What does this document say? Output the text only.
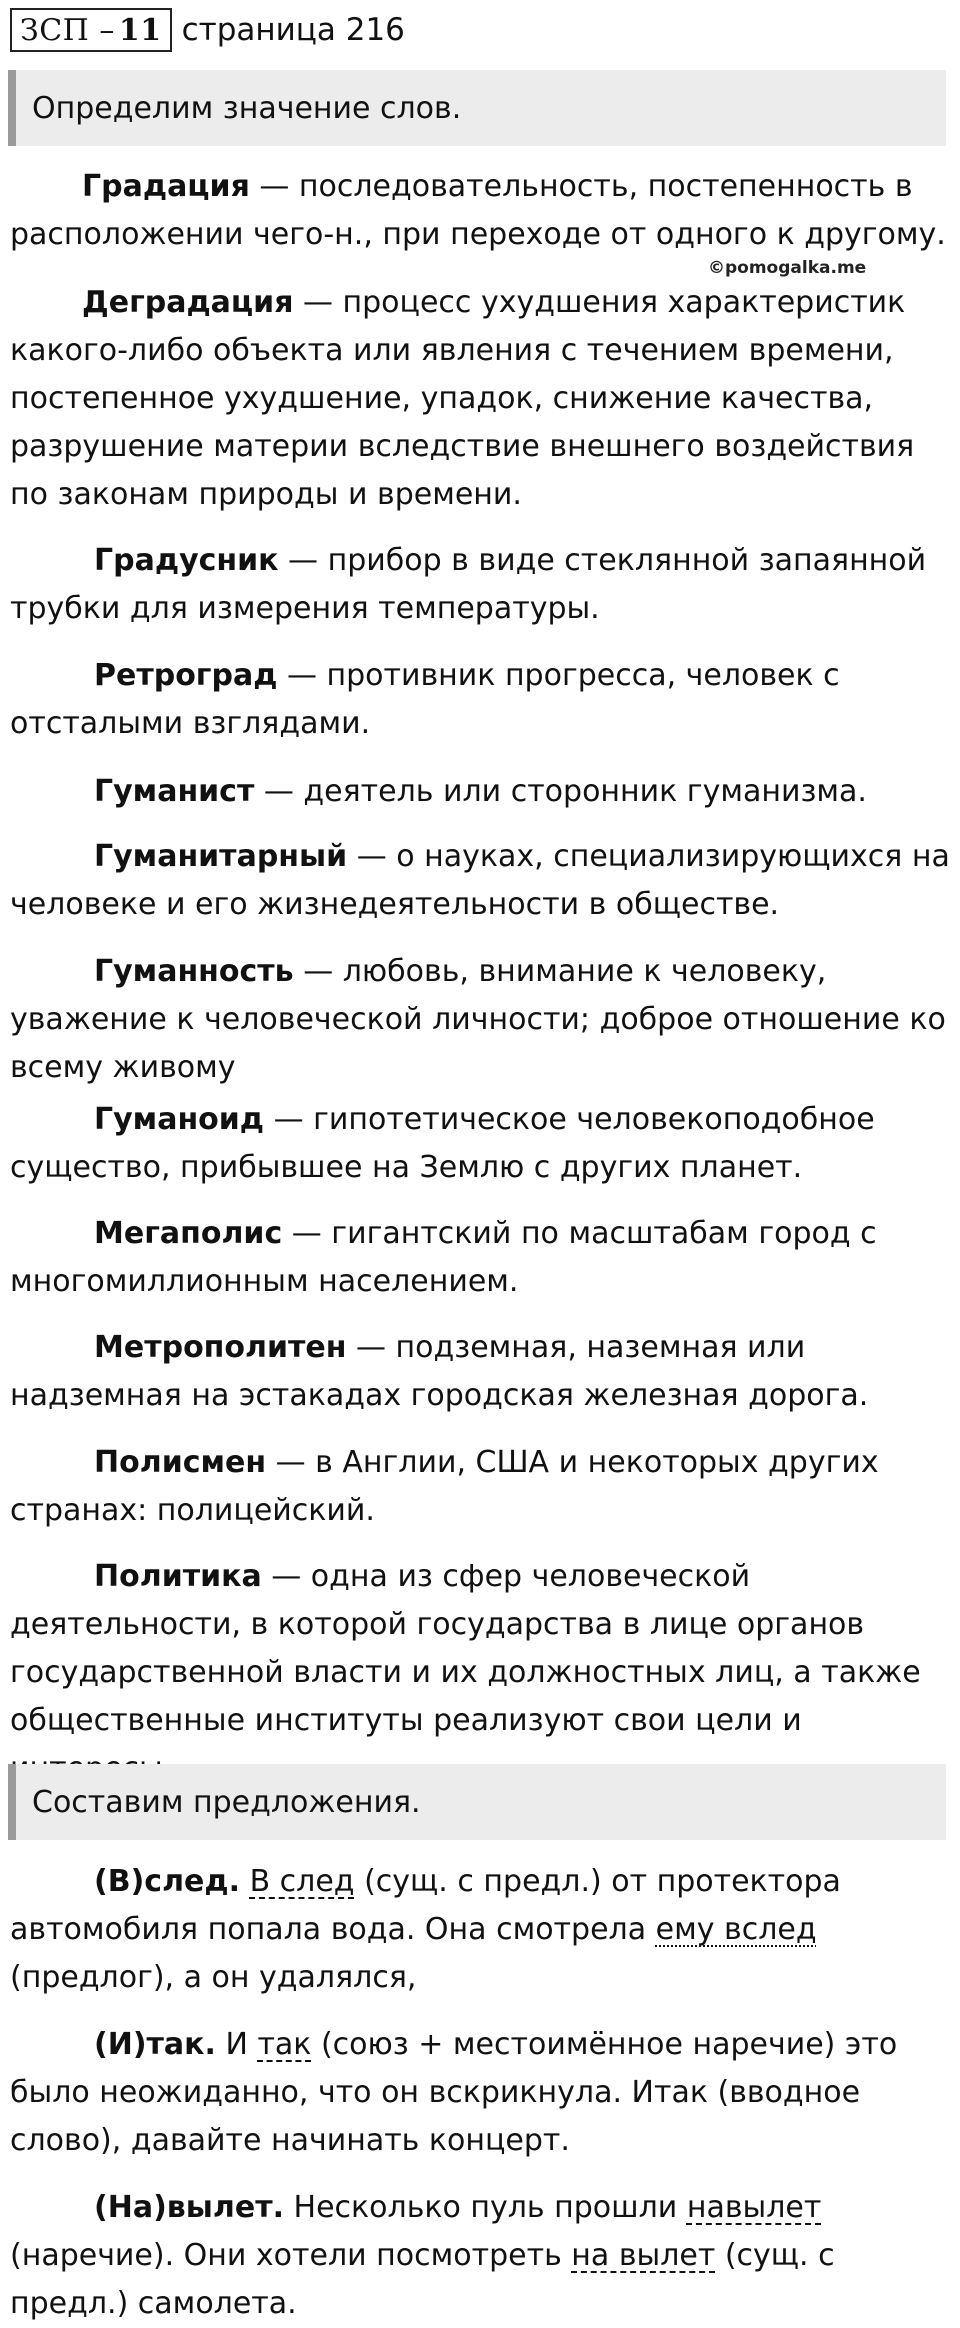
ЗСП – 11 страница 216
Определим значение слов.
©pomogalka.me
Градация — последовательность, постепенность в расположении чего-н., при переходе от одного к другому.
Деградация — процесс ухудшения характеристик какого-либо объекта или явления с течением времени, постепенное ухудшение, упадок, снижение качества, разрушение материи вследствие внешнего воздействия по законам природы и времени.
Градусник — прибор в виде стеклянной запаянной трубки для измерения температуры.
Ретроград — противник прогресса, человек с отсталыми взглядами.
Гуманист — деятель или сторонник гуманизма.
Гуманитарный — о науках, специализирующихся на человеке и его жизнедеятельности в обществе.
Гуманность — любовь, внимание к человеку, уважение к человеческой личности; доброе отношение ко всему живому
Гуманоид — гипотетическое человекоподобное существо, прибывшее на Землю с других планет.
Мегаполис — гигантский по масштабам город с многомиллионным населением.
Метрополитен — подземная, наземная или надземная на эстакадах городская железная дорога.
Полисмен — в Англии, США и некоторых других странах: полицейский.
Политика — одна из сфер человеческой деятельности, в которой государства в лице органов государственной власти и их должностных лиц, а также общественные институты реализуют свои цели и
Составим предложения.
(В)след. В след (сущ. с предл.) от протектора автомобиля попала вода. Она смотрела ему вслед (предлог), а он удалялся,
(И)так. И так (союз + местоимённое наречие) это было неожиданно, что он вскрикнула. Итак (вводное слово), давайте начинать концерт.
(На)вылет. Несколько пуль прошли навылет (наречие). Они хотели посмотреть на вылет (сущ. с предл.) самолета.
